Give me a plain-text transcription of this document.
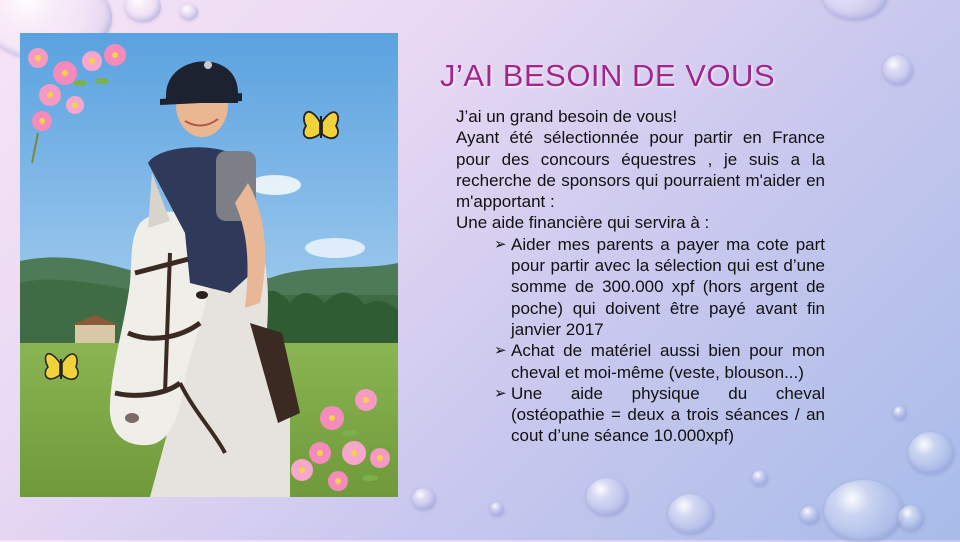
J’AI BESOIN DE VOUS

J’ai un grand besoin de vous!

Ayant été sélectionnée pour partir en France pour des concours équestres , je suis a la recherche de sponsors qui pourraient m'aider en m'apportant :

Une aide financière qui servira à :

➢ Aider mes parents a payer ma cote part pour partir avec la sélection qui est d’une somme de 300.000 xpf (hors argent de poche) qui doivent être payé avant fin janvier 2017
➢ Achat de matériel aussi bien pour mon cheval et moi-même (veste, blouson...)
➢ Une aide physique du cheval (ostéopathie = deux a trois séances / an cout d’une séance 10.000xpf)
